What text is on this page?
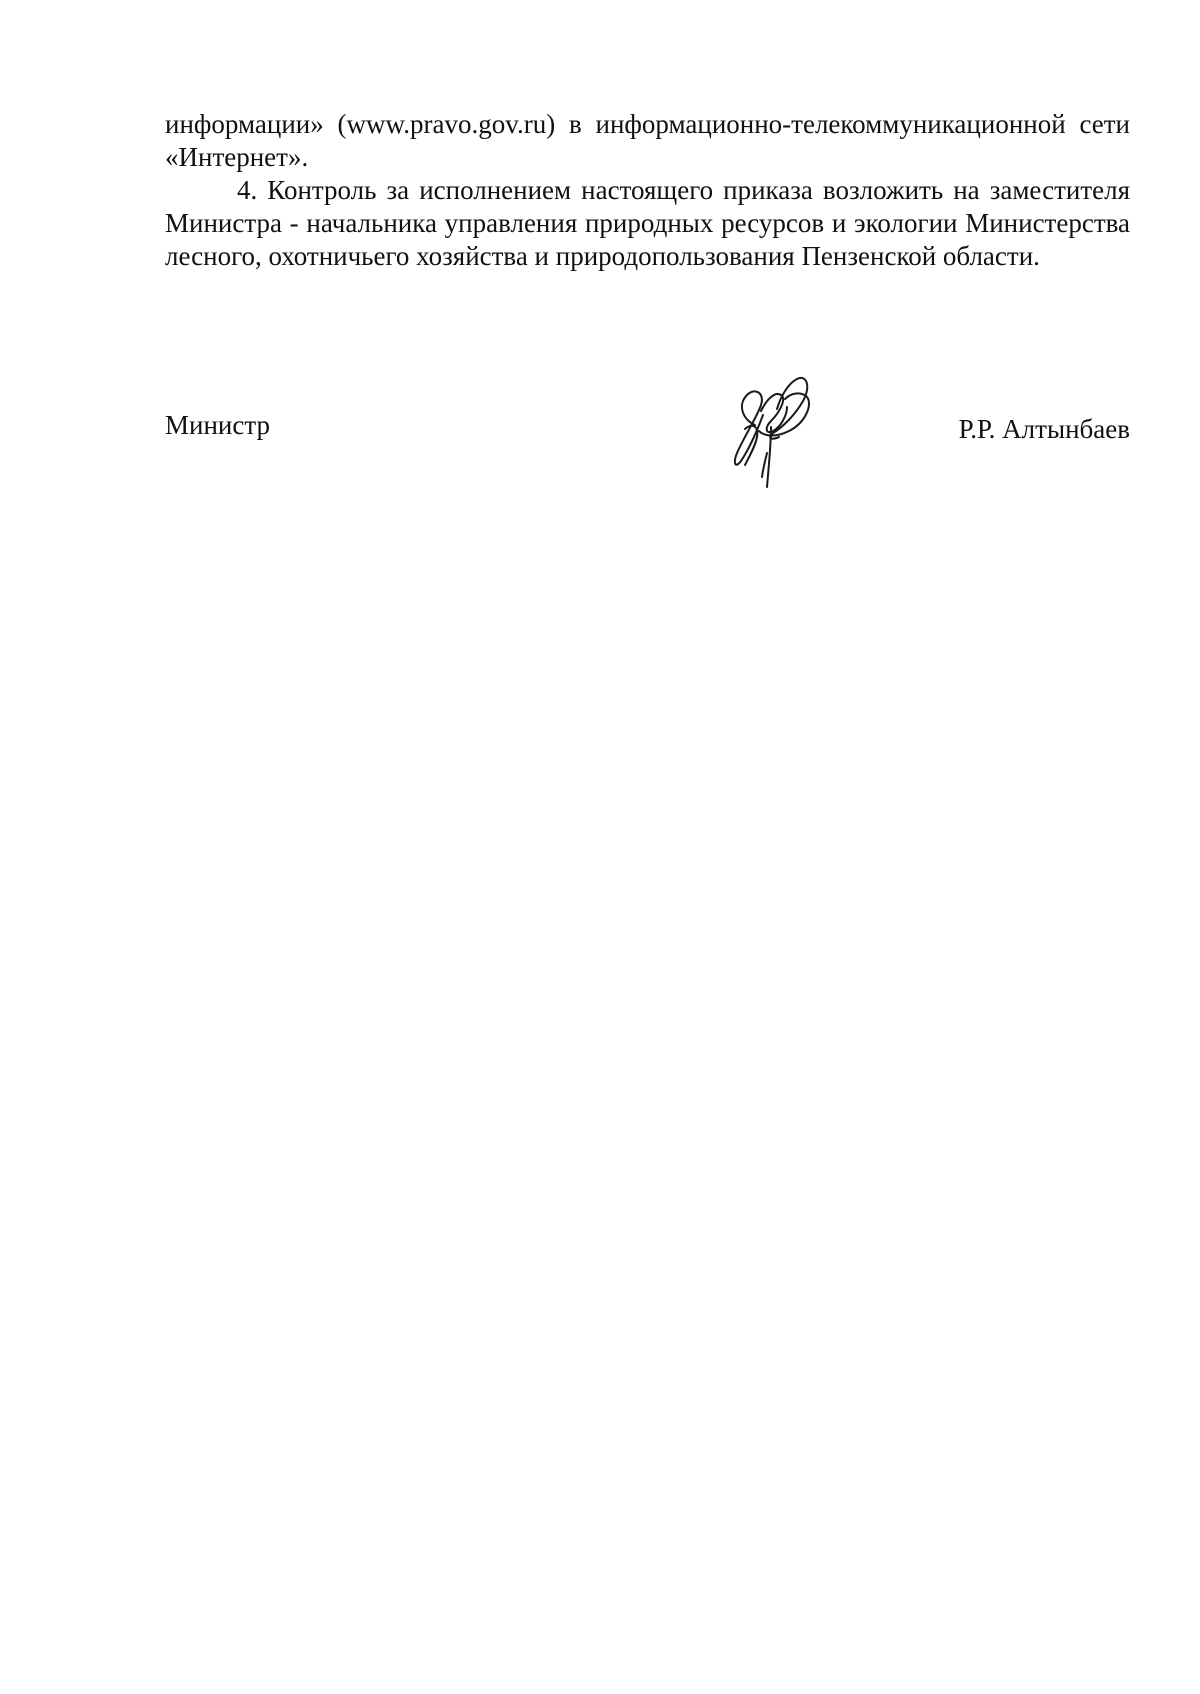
информации» (www.pravo.gov.ru) в информационно-телекоммуникационной сети «Интернет».

4. Контроль за исполнением настоящего приказа возложить на заместителя Министра - начальника управления природных ресурсов и экологии Министерства лесного, охотничьего хозяйства и природопользования Пензенской области.

Министр	Р.Р. Алтынбаев
